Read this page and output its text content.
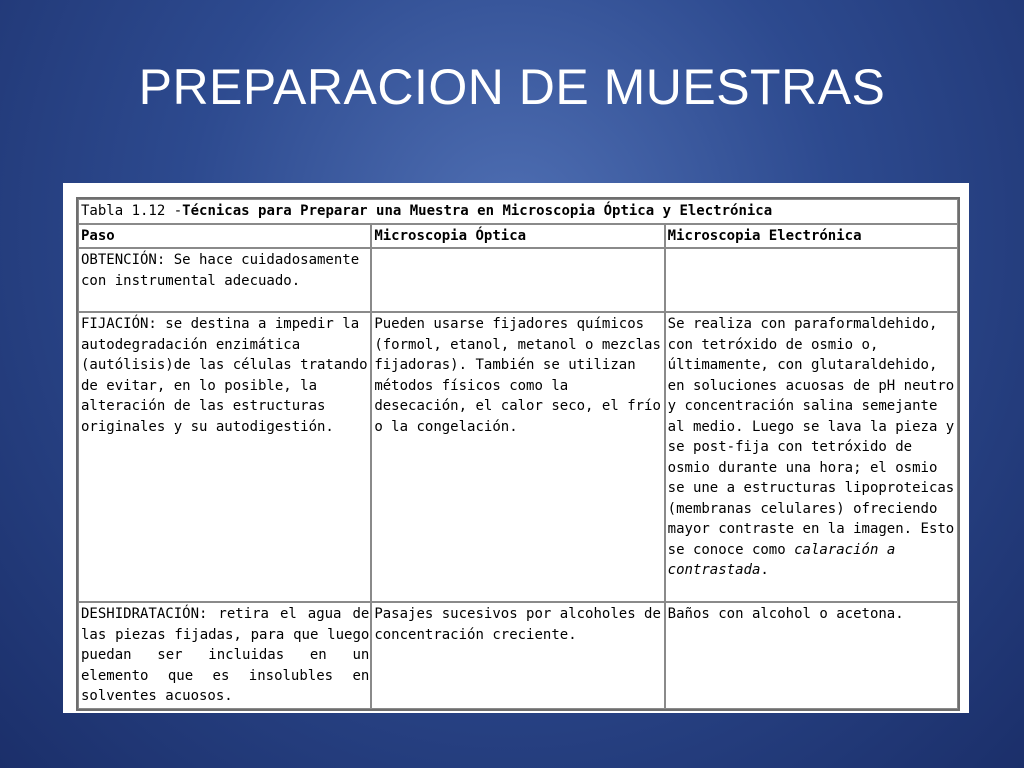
PREPARACION DE MUESTRAS
Tabla 1.12 -Técnicas para Preparar una Muestra en Microscopia Óptica y Electrónica		
Paso	Microscopia Óptica	Microscopia Electrónica
OBTENCIÓN: Se hace cuidadosamente con instrumental adecuado.		
FIJACIÓN: se destina a impedir la autodegradación enzimática (autólisis)de las células tratando de evitar, en lo posible, la alteración de las estructuras originales y su autodigestión.	Pueden usarse fijadores químicos (formol, etanol, metanol o mezclas fijadoras). También se utilizan métodos físicos como la desecación, el calor seco, el frío o la congelación.	Se realiza con paraformaldehido, con tetróxido de osmio o, últimamente, con glutaraldehido, en soluciones acuosas de pH neutro y concentración salina semejante al medio. Luego se lava la pieza y se post-fija con tetróxido de osmio durante una hora; el osmio se une a estructuras lipoproteicas (membranas celulares) ofreciendo mayor contraste en la imagen. Esto se conoce como calaración a contrastada.
DESHIDRATACIÓN: retira el agua de las piezas fijadas, para que luego puedan ser incluidas en un elemento que es insolubles en solventes acuosos.	Pasajes sucesivos por alcoholes de concentración creciente.	Baños con alcohol o acetona.
